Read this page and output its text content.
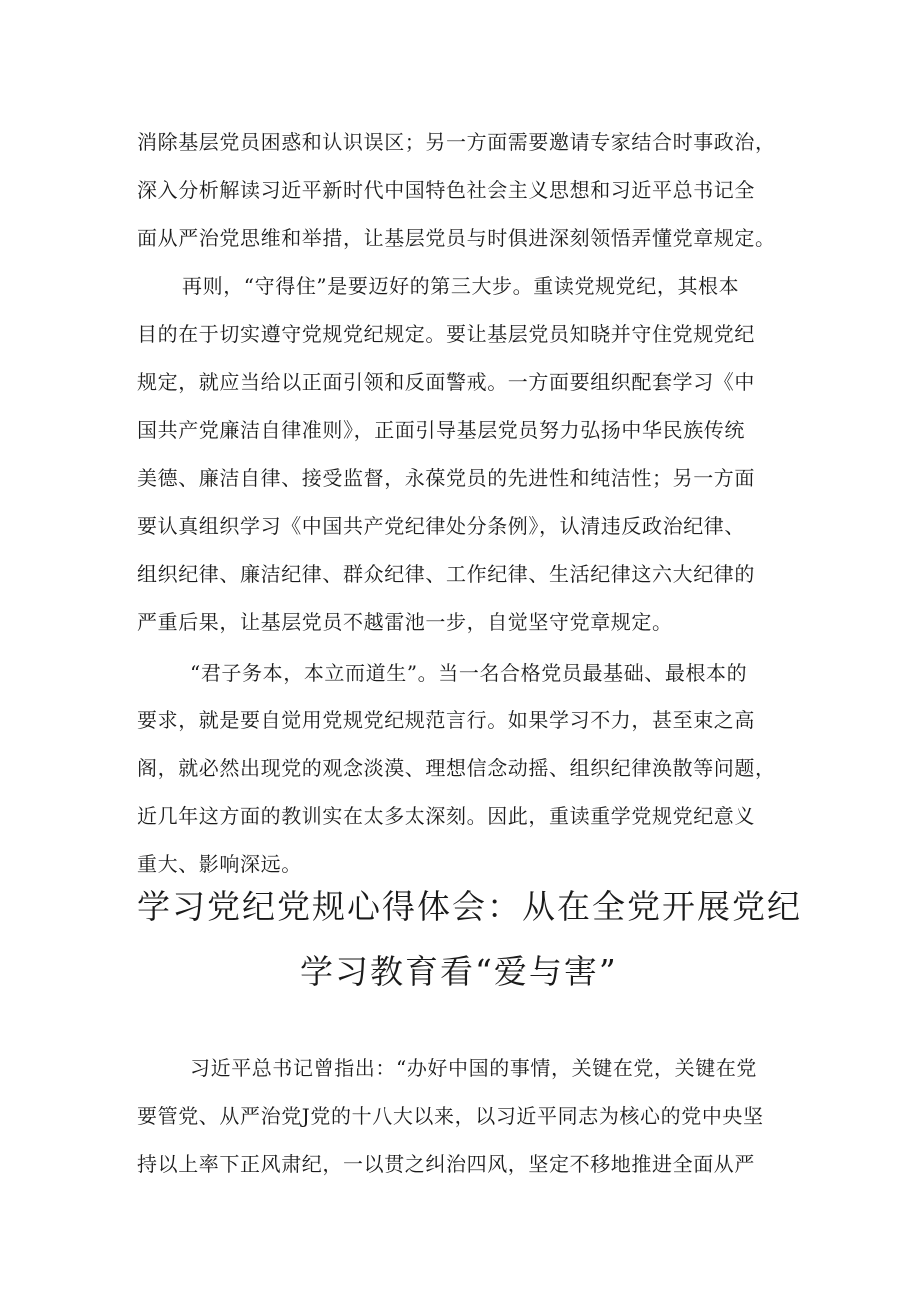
消除基层党员困惑和认识误区；另一方面需要邀请专家结合时事政治，
深入分析解读习近平新时代中国特色社会主义思想和习近平总书记全
面从严治党思维和举措，让基层党员与时俱进深刻领悟弄懂党章规定。
再则，“守得住”是要迈好的第三大步。重读党规党纪，其根本
目的在于切实遵守党规党纪规定。要让基层党员知晓并守住党规党纪
规定，就应当给以正面引领和反面警戒。一方面要组织配套学习《中
国共产党廉洁自律准则》，正面引导基层党员努力弘扬中华民族传统
美德、廉洁自律、接受监督，永葆党员的先进性和纯洁性；另一方面
要认真组织学习《中国共产党纪律处分条例》，认清违反政治纪律、
组织纪律、廉洁纪律、群众纪律、工作纪律、生活纪律这六大纪律的
严重后果，让基层党员不越雷池一步，自觉坚守党章规定。
“君子务本，本立而道生”。当一名合格党员最基础、最根本的
要求，就是要自觉用党规党纪规范言行。如果学习不力，甚至束之高
阁，就必然出现党的观念淡漠、理想信念动摇、组织纪律涣散等问题，
近几年这方面的教训实在太多太深刻。因此，重读重学党规党纪意义
重大、影响深远。
学习党纪党规心得体会：从在全党开展党纪
学习教育看“爱与害”
习近平总书记曾指出：“办好中国的事情，关键在党，关键在党
要管党、从严治党J党的十八大以来，以习近平同志为核心的党中央坚
持以上率下正风肃纪，一以贯之纠治四风，坚定不移地推进全面从严
